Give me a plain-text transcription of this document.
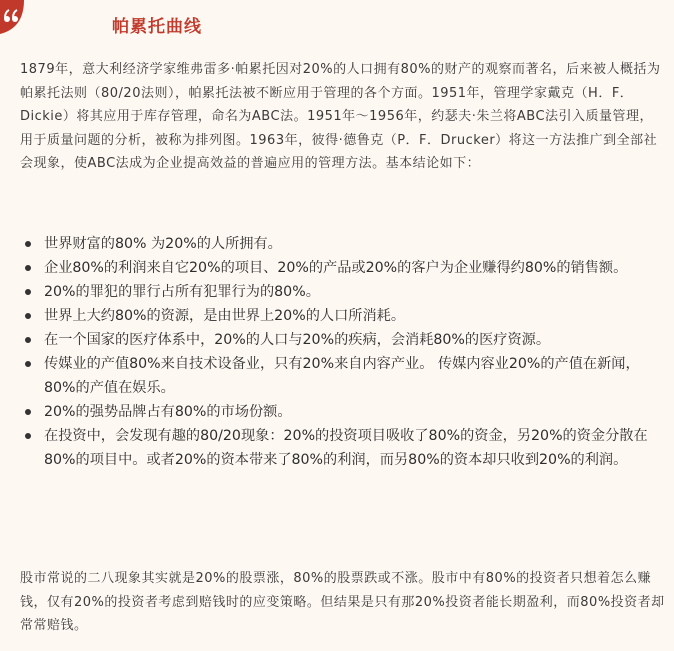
帕累托曲线

1879年，意大利经济学家维弗雷多·帕累托因对20%的人口拥有80%的财产的观察而著名，后来被人概括为帕累托法则（80/20法则），帕累托法被不断应用于管理的各个方面。1951年，管理学家戴克（H．F．Dickie）将其应用于库存管理，命名为ABC法。1951年～1956年，约瑟夫·朱兰将ABC法引入质量管理，用于质量问题的分析，被称为排列图。1963年，彼得·德鲁克（P．F．Drucker）将这一方法推广到全部社会现象，使ABC法成为企业提高效益的普遍应用的管理方法。基本结论如下：

世界财富的80% 为20%的人所拥有。
企业80%的利润来自它20%的项目、20%的产品或20%的客户为企业赚得约80%的销售额。
20%的罪犯的罪行占所有犯罪行为的80%。
世界上大约80%的资源，是由世界上20%的人口所消耗。
在一个国家的医疗体系中，20%的人口与20%的疾病，会消耗80%的医疗资源。
传媒业的产值80%来自技术设备业，只有20%来自内容产业。 传媒内容业20%的产值在新闻，80%的产值在娱乐。
20%的强势品牌占有80%的市场份额。
在投资中，会发现有趣的80/20现象：20%的投资项目吸收了80%的资金，另20%的资金分散在80%的项目中。或者20%的资本带来了80%的利润，而另80%的资本却只收到20%的利润。

股市常说的二八现象其实就是20%的股票涨，80%的股票跌或不涨。股市中有80%的投资者只想着怎么赚钱，仅有20%的投资者考虑到赔钱时的应变策略。但结果是只有那20%投资者能长期盈利，而80%投资者却常常赔钱。
